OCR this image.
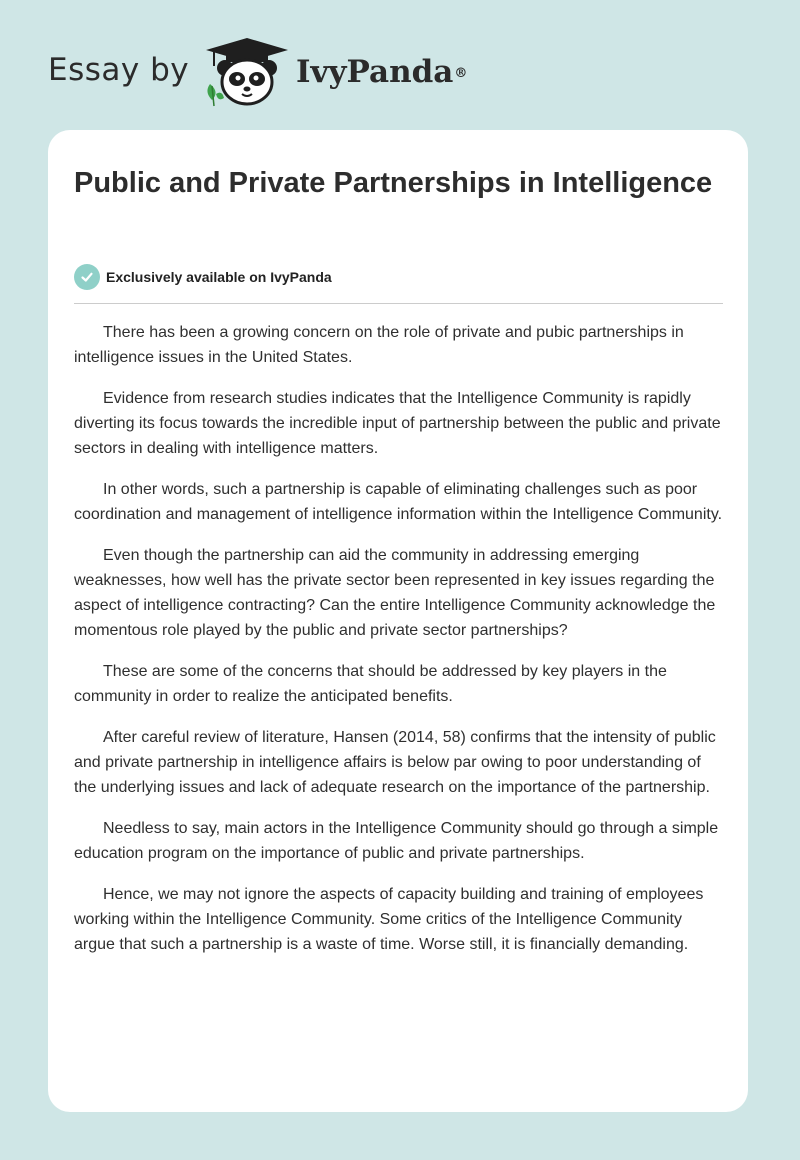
Essay by	IvyPanda®
Public and Private Partnerships in Intelligence
Exclusively available on IvyPanda

There has been a growing concern on the role of private and pubic partnerships in intelligence issues in the United States.

Evidence from research studies indicates that the Intelligence Community is rapidly diverting its focus towards the incredible input of partnership between the public and private sectors in dealing with intelligence matters.

In other words, such a partnership is capable of eliminating challenges such as poor coordination and management of intelligence information within the Intelligence Community.

Even though the partnership can aid the community in addressing emerging weaknesses, how well has the private sector been represented in key issues regarding the aspect of intelligence contracting? Can the entire Intelligence Community acknowledge the momentous role played by the public and private sector partnerships?

These are some of the concerns that should be addressed by key players in the community in order to realize the anticipated benefits.

After careful review of literature, Hansen (2014, 58) confirms that the intensity of public and private partnership in intelligence affairs is below par owing to poor understanding of the underlying issues and lack of adequate research on the importance of the partnership.

Needless to say, main actors in the Intelligence Community should go through a simple education program on the importance of public and private partnerships.

Hence, we may not ignore the aspects of capacity building and training of employees working within the Intelligence Community. Some critics of the Intelligence Community argue that such a partnership is a waste of time. Worse still, it is financially demanding.
